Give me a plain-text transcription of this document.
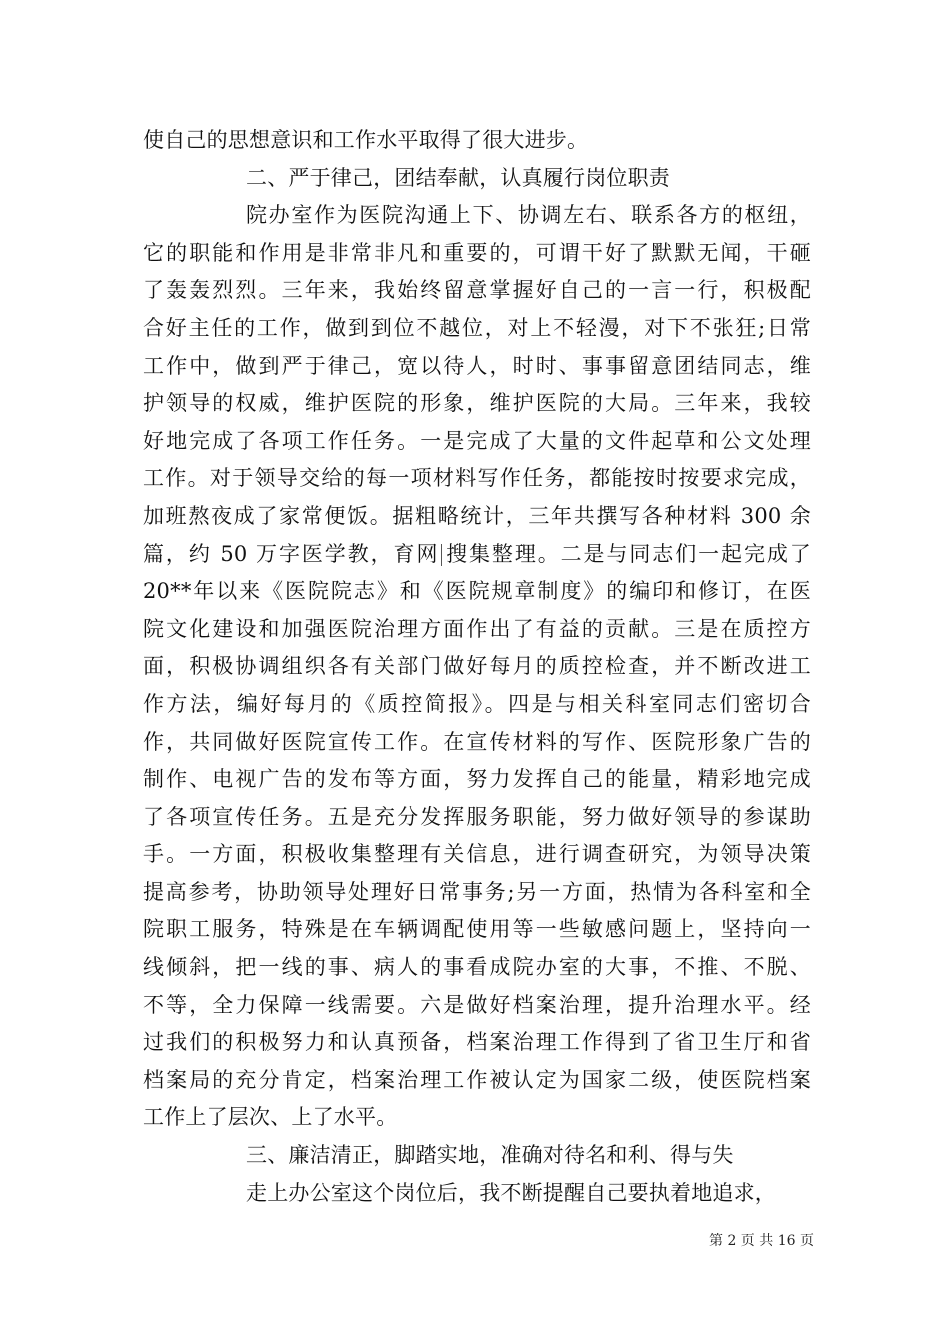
使自己的思想意识和工作水平取得了很大进步。
二、严于律己，团结奉献，认真履行岗位职责
院办室作为医院沟通上下、协调左右、联系各方的枢纽，
它的职能和作用是非常非凡和重要的，可谓干好了默默无闻，干砸
了轰轰烈烈。三年来，我始终留意掌握好自己的一言一行，积极配
合好主任的工作，做到到位不越位，对上不轻漫，对下不张狂;日常
工作中，做到严于律己，宽以待人，时时、事事留意团结同志，维
护领导的权威，维护医院的形象，维护医院的大局。三年来，我较
好地完成了各项工作任务。一是完成了大量的文件起草和公文处理
工作。对于领导交给的每一项材料写作任务，都能按时按要求完成，
加班熬夜成了家常便饭。据粗略统计，三年共撰写各种材料 300 余
篇，约 50 万字医学教，育网 搜集整理。二是与同志们一起完成了
20**年以来《医院院志》和《医院规章制度》的编印和修订，在医
院文化建设和加强医院治理方面作出了有益的贡献。三是在质控方
面，积极协调组织各有关部门做好每月的质控检查，并不断改进工
作方法，编好每月的《质控简报》。四是与相关科室同志们密切合
作，共同做好医院宣传工作。在宣传材料的写作、医院形象广告的
制作、电视广告的发布等方面，努力发挥自己的能量，精彩地完成
了各项宣传任务。五是充分发挥服务职能，努力做好领导的参谋助
手。一方面，积极收集整理有关信息，进行调查研究，为领导决策
提高参考，协助领导处理好日常事务;另一方面，热情为各科室和全
院职工服务，特殊是在车辆调配使用等一些敏感问题上，坚持向一
线倾斜，把一线的事、病人的事看成院办室的大事，不推、不脱、
不等，全力保障一线需要。六是做好档案治理，提升治理水平。经
过我们的积极努力和认真预备，档案治理工作得到了省卫生厅和省
档案局的充分肯定，档案治理工作被认定为国家二级，使医院档案
工作上了层次、上了水平。
三、廉洁清正，脚踏实地，准确对待名和利、得与失
走上办公室这个岗位后，我不断提醒自己要执着地追求，
第 2 页 共 16 页
